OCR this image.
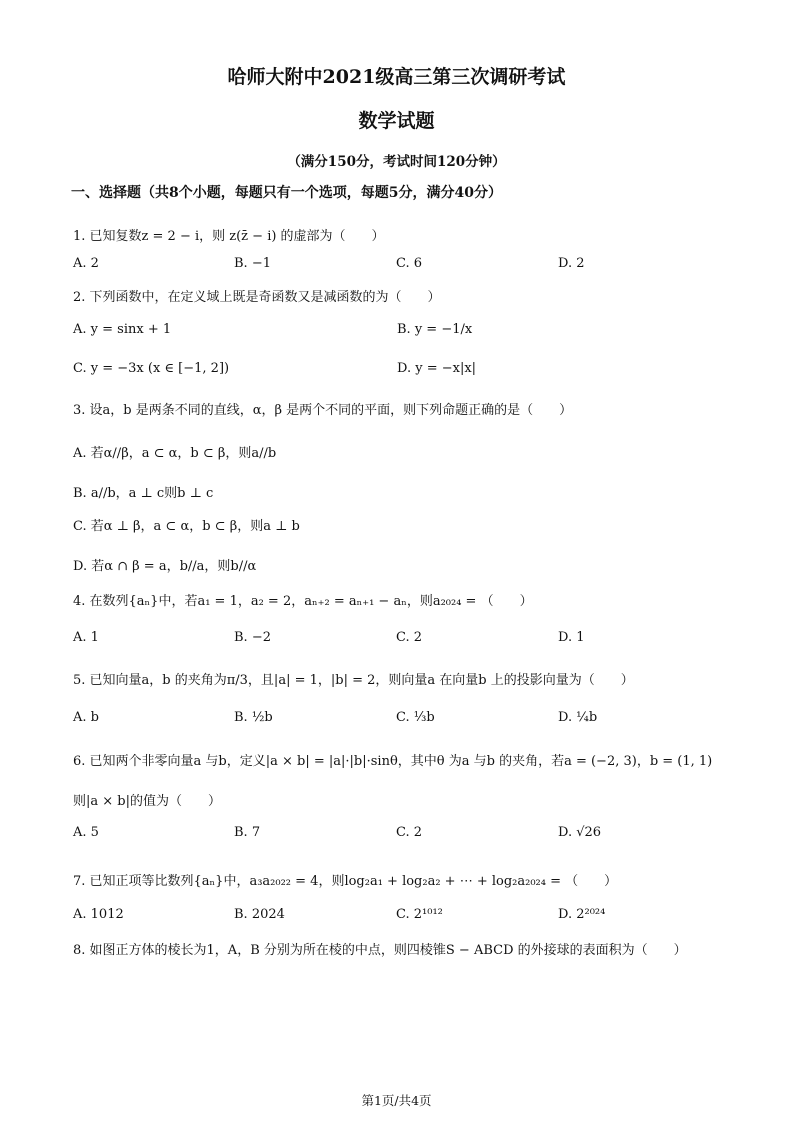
哈师大附中2021级高三第三次调研考试
数学试题
（满分150分，考试时间120分钟）
一、选择题（共8个小题，每题只有一个选项，每题5分，满分40分）
1. 已知复数z = 2 − i，则 z(z̄ − i) 的虚部为（　　）
A. 2	B. −1	C. 6	D. 2
2. 下列函数中，在定义域上既是奇函数又是减函数的为（　　）
A. y = sinx + 1	B. y = −1/x
C. y = −3x (x ∈ [−1, 2])	D. y = −x|x|
3. 设a，b 是两条不同的直线，α，β 是两个不同的平面，则下列命题正确的是（　　）
A. 若α//β，a ⊂ α，b ⊂ β，则a//b
B. a//b，a ⊥ c则b ⊥ c
C. 若α ⊥ β，a ⊂ α，b ⊂ β，则a ⊥ b
D. 若α ∩ β = a，b//a，则b//α
4. 在数列{aₙ}中，若a₁ = 1，a₂ = 2，aₙ₊₂ = aₙ₊₁ − aₙ，则a₂₀₂₄ = （　　）
A. 1	B. −2	C. 2	D. 1
5. 已知向量a，b 的夹角为π/3，且|a| = 1，|b| = 2，则向量a 在向量b 上的投影向量为（　　）
A. b	B. ½b	C. ⅓b	D. ¼b
6. 已知两个非零向量a 与b，定义|a × b| = |a|·|b|·sinθ，其中θ 为a 与b 的夹角，若a = (−2, 3)，b = (1, 1)
则|a × b|的值为（　　）
A. 5	B. 7	C. 2	D. √26
7. 已知正项等比数列{aₙ}中，a₃a₂₀₂₂ = 4，则log₂a₁ + log₂a₂ + ⋯ + log₂a₂₀₂₄ = （　　）
A. 1012	B. 2024	C. 2¹⁰¹²	D. 2²⁰²⁴
8. 如图正方体的棱长为1，A，B 分别为所在棱的中点，则四棱锥S − ABCD 的外接球的表面积为（　　）
第1页/共4页
